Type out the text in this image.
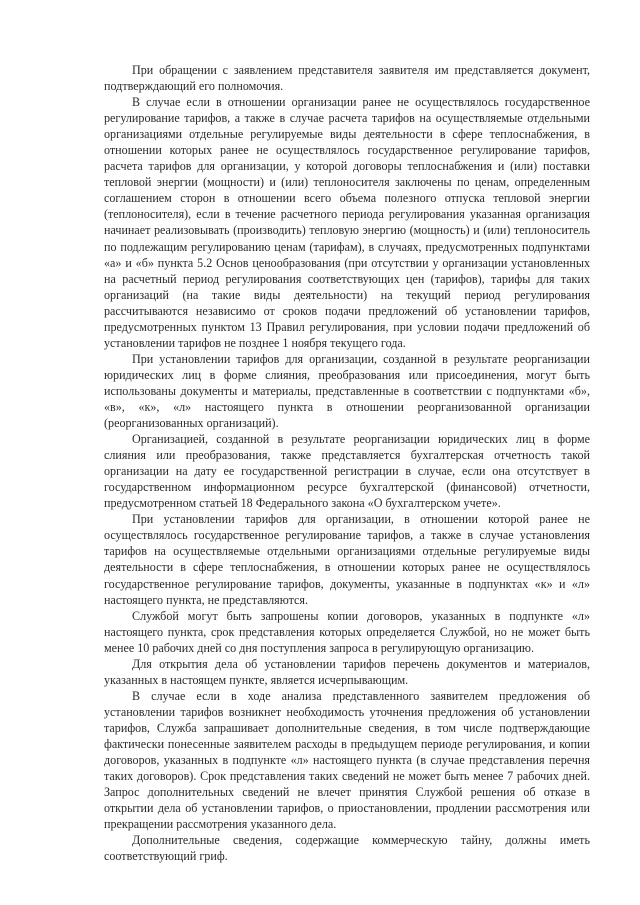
При обращении с заявлением представителя заявителя им представляется документ, подтверждающий его полномочия.

В случае если в отношении организации ранее не осуществлялось государственное регулирование тарифов, а также в случае расчета тарифов на осуществляемые отдельными организациями отдельные регулируемые виды деятельности в сфере теплоснабжения, в отношении которых ранее не осуществлялось государственное регулирование тарифов, расчета тарифов для организации, у которой договоры теплоснабжения и (или) поставки тепловой энергии (мощности) и (или) теплоносителя заключены по ценам, определенным соглашением сторон в отношении всего объема полезного отпуска тепловой энергии (теплоносителя), если в течение расчетного периода регулирования указанная организация начинает реализовывать (производить) тепловую энергию (мощность) и (или) теплоноситель по подлежащим регулированию ценам (тарифам), в случаях, предусмотренных подпунктами «а» и «б» пункта 5.2 Основ ценообразования (при отсутствии у организации установленных на расчетный период регулирования соответствующих цен (тарифов), тарифы для таких организаций (на такие виды деятельности) на текущий период регулирования рассчитываются независимо от сроков подачи предложений об установлении тарифов, предусмотренных пунктом 13 Правил регулирования, при условии подачи предложений об установлении тарифов не позднее 1 ноября текущего года.

При установлении тарифов для организации, созданной в результате реорганизации юридических лиц в форме слияния, преобразования или присоединения, могут быть использованы документы и материалы, представленные в соответствии с подпунктами «б», «в», «к», «л» настоящего пункта в отношении реорганизованной организации (реорганизованных организаций).

Организацией, созданной в результате реорганизации юридических лиц в форме слияния или преобразования, также представляется бухгалтерская отчетность такой организации на дату ее государственной регистрации в случае, если она отсутствует в государственном информационном ресурсе бухгалтерской (финансовой) отчетности, предусмотренном статьей 18 Федерального закона «О бухгалтерском учете».

При установлении тарифов для организации, в отношении которой ранее не осуществлялось государственное регулирование тарифов, а также в случае установления тарифов на осуществляемые отдельными организациями отдельные регулируемые виды деятельности в сфере теплоснабжения, в отношении которых ранее не осуществлялось государственное регулирование тарифов, документы, указанные в подпунктах «к» и «л» настоящего пункта, не представляются.

Службой могут быть запрошены копии договоров, указанных в подпункте «л» настоящего пункта, срок представления которых определяется Службой, но не может быть менее 10 рабочих дней со дня поступления запроса в регулирующую организацию.

Для открытия дела об установлении тарифов перечень документов и материалов, указанных в настоящем пункте, является исчерпывающим.

В случае если в ходе анализа представленного заявителем предложения об установлении тарифов возникнет необходимость уточнения предложения об установлении тарифов, Служба запрашивает дополнительные сведения, в том числе подтверждающие фактически понесенные заявителем расходы в предыдущем периоде регулирования, и копии договоров, указанных в подпункте «л» настоящего пункта (в случае представления перечня таких договоров). Срок представления таких сведений не может быть менее 7 рабочих дней. Запрос дополнительных сведений не влечет принятия Службой решения об отказе в открытии дела об установлении тарифов, о приостановлении, продлении рассмотрения или прекращении рассмотрения указанного дела.

Дополнительные сведения, содержащие коммерческую тайну, должны иметь соответствующий гриф.
